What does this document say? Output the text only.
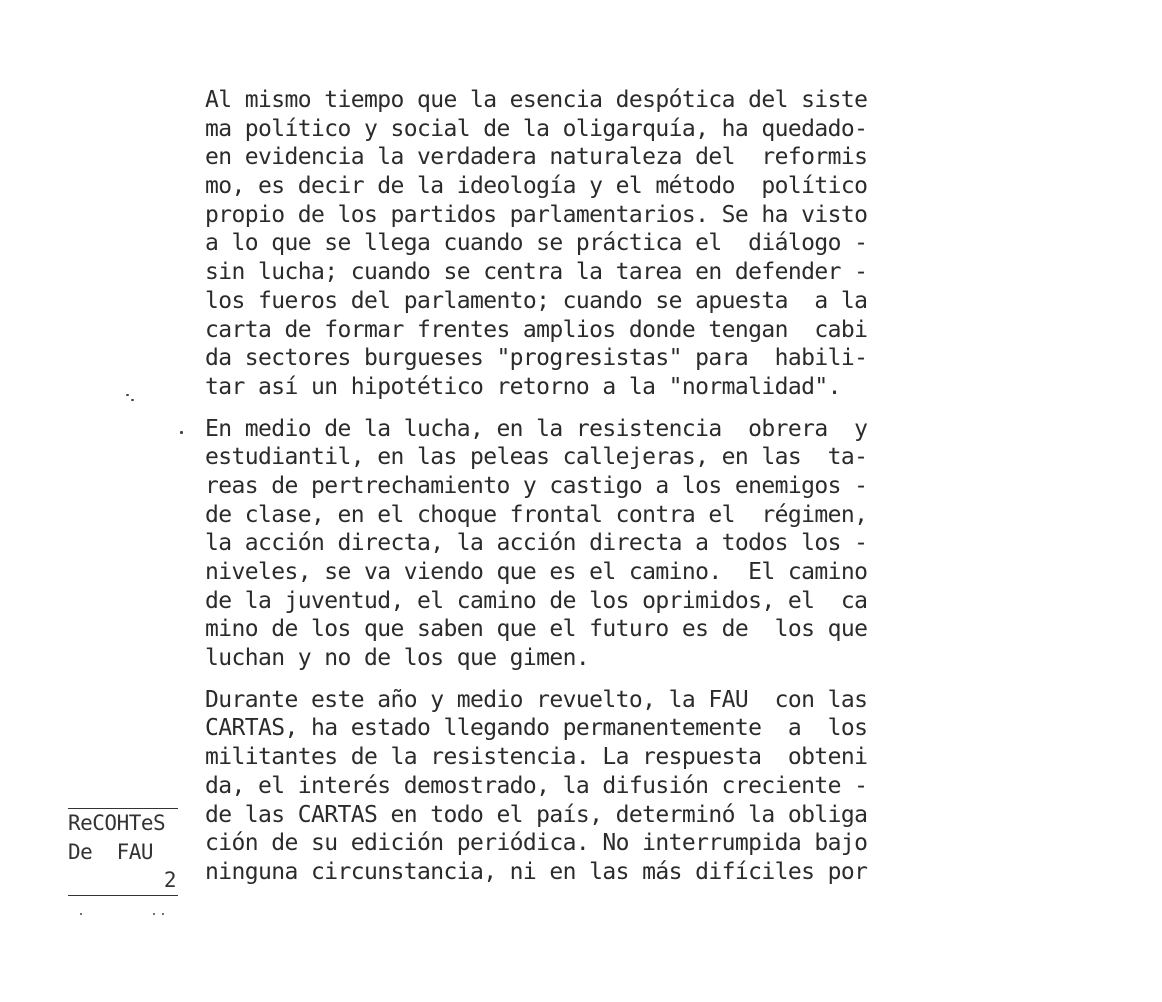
Al mismo tiempo que la esencia despótica del siste
ma político y social de la oligarquía, ha quedado-
en evidencia la verdadera naturaleza del  reformis
mo, es decir de la ideología y el método  político
propio de los partidos parlamentarios. Se ha visto
a lo que se llega cuando se práctica el  diálogo -
sin lucha; cuando se centra la tarea en defender -
los fueros del parlamento; cuando se apuesta  a la
carta de formar frentes amplios donde tengan  cabi
da sectores burgueses "progresistas" para  habili-
tar así un hipotético retorno a la "normalidad".
En medio de la lucha, en la resistencia  obrera  y
estudiantil, en las peleas callejeras, en las  ta-
reas de pertrechamiento y castigo a los enemigos -
de clase, en el choque frontal contra el  régimen,
la acción directa, la acción directa a todos los -
niveles, se va viendo que es el camino.  El camino
de la juventud, el camino de los oprimidos, el  ca
mino de los que saben que el futuro es de  los que
luchan y no de los que gimen.
Durante este año y medio revuelto, la FAU  con las
CARTAS, ha estado llegando permanentemente  a  los
militantes de la resistencia. La respuesta  obteni
da, el interés demostrado, la difusión creciente -
de las CARTAS en todo el país, determinó la obliga
ción de su edición periódica. No interrumpida bajo
ninguna circunstancia, ni en las más difíciles por
ReCOHTeS
De  FAU
2
